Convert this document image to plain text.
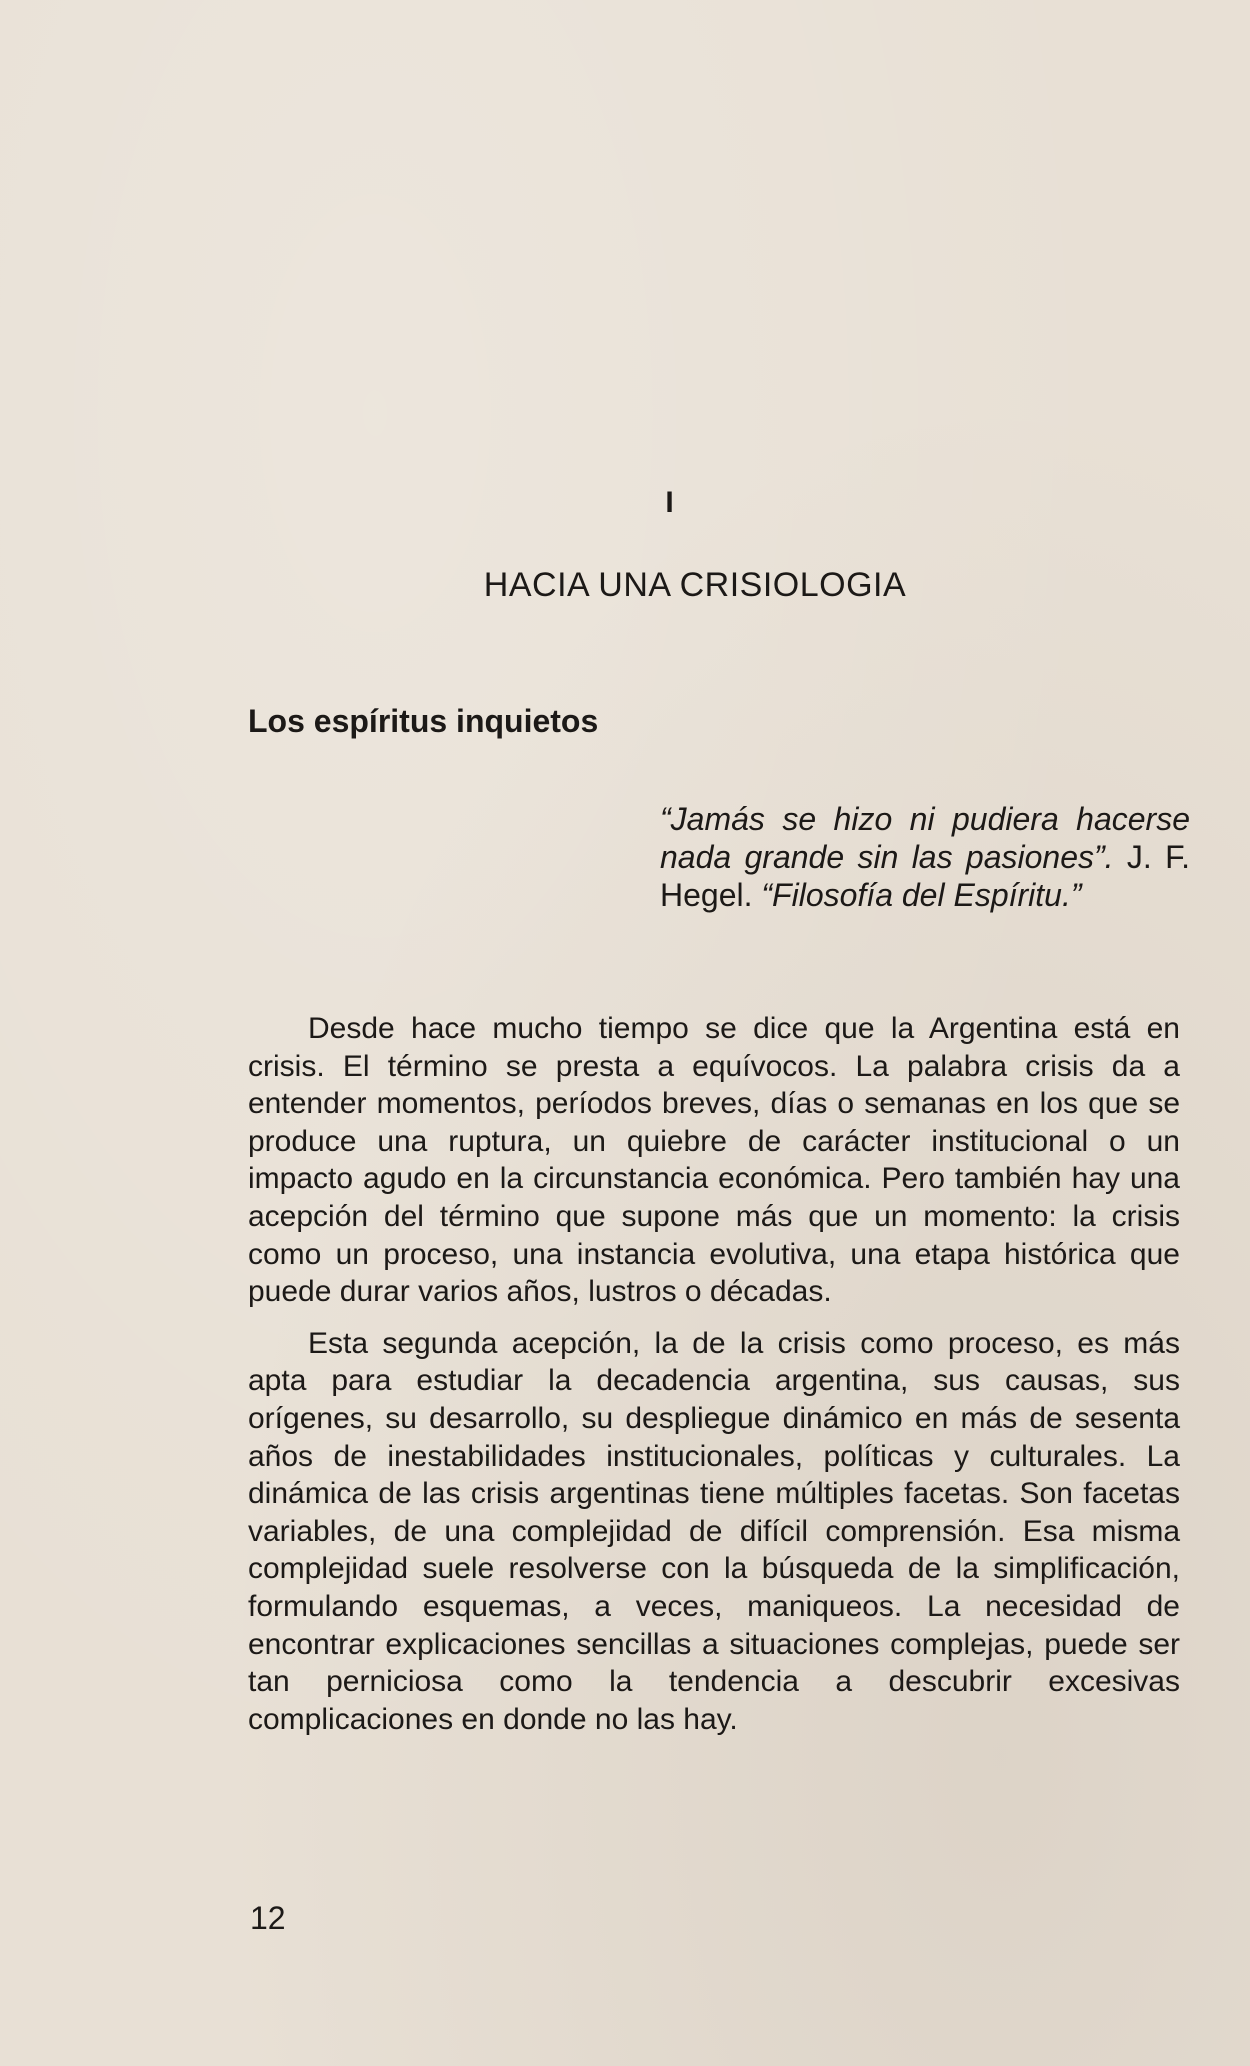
I
HACIA UNA CRISIOLOGIA
Los espíritus inquietos
“Jamás se hizo ni pudiera hacerse nada grande sin las pasiones”. J. F. Hegel. “Filosofía del Espíritu.”

Desde hace mucho tiempo se dice que la Argentina está en crisis. El término se presta a equívocos. La palabra crisis da a entender momentos, períodos breves, días o semanas en los que se produce una ruptura, un quiebre de carácter institucional o un impacto agudo en la circunstancia económica. Pero también hay una acepción del término que supone más que un momento: la crisis como un proceso, una instancia evolutiva, una etapa histórica que puede durar varios años, lustros o décadas.

Esta segunda acepción, la de la crisis como proceso, es más apta para estudiar la decadencia argentina, sus causas, sus orígenes, su desarrollo, su despliegue dinámico en más de sesenta años de inestabilidades institucionales, políticas y culturales. La dinámica de las crisis argentinas tiene múltiples facetas. Son facetas variables, de una complejidad de difícil comprensión. Esa misma complejidad suele resolverse con la búsqueda de la simplificación, formulando esquemas, a veces, maniqueos. La necesidad de encontrar explicaciones sencillas a situaciones complejas, puede ser tan perniciosa como la tendencia a descubrir excesivas complicaciones en donde no las hay.

12
